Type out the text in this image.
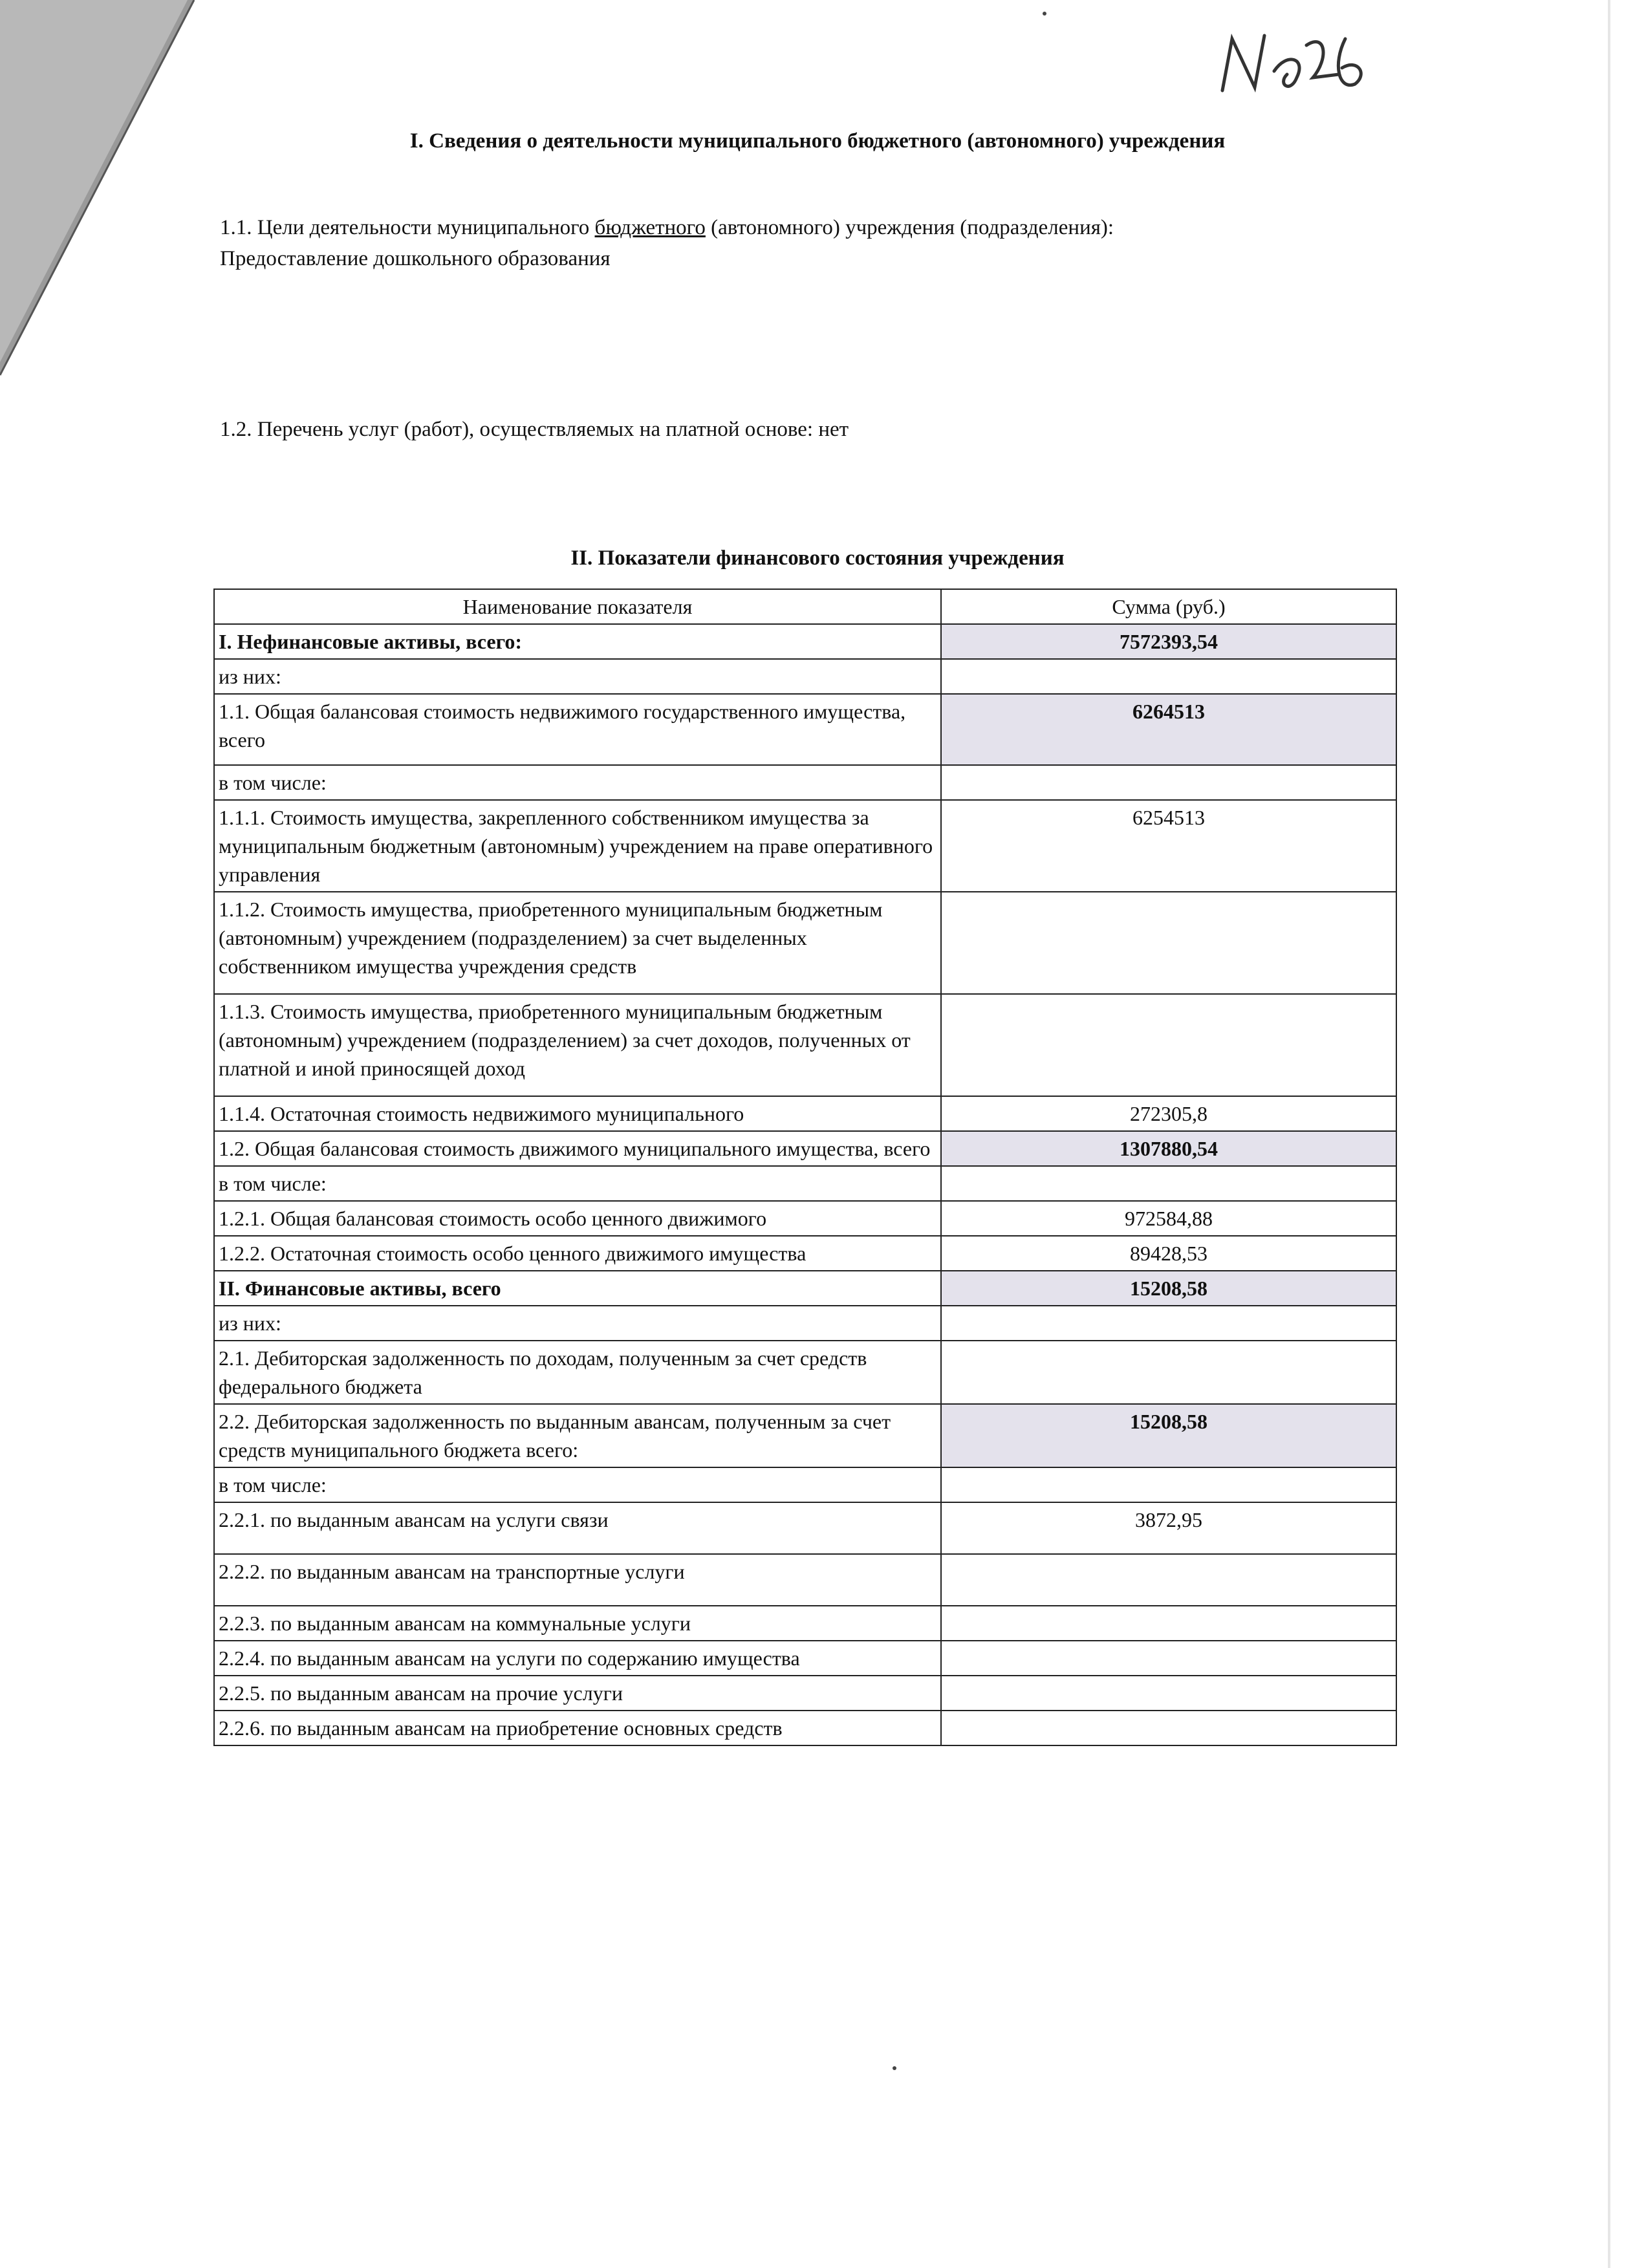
I. Сведения о деятельности муниципального бюджетного (автономного) учреждения
1.1. Цели деятельности муниципального бюджетного (автономного) учреждения (подразделения):
Предоставление дошкольного образования
1.2. Перечень услуг (работ), осуществляемых на платной основе: нет
II. Показатели финансового состояния учреждения
Наименование показателя	Сумма (руб.)
I. Нефинансовые активы, всего:	7572393,54
из них:	
1.1. Общая балансовая стоимость недвижимого государственного имущества, всего	6264513
в том числе:	
1.1.1. Стоимость имущества, закрепленного собственником имущества за муниципальным бюджетным (автономным) учреждением на праве оперативного управления	6254513
1.1.2. Стоимость имущества, приобретенного муниципальным бюджетным (автономным) учреждением (подразделением) за счет выделенных собственником имущества учреждения средств	
1.1.3. Стоимость имущества, приобретенного муниципальным бюджетным (автономным) учреждением (подразделением) за счет доходов, полученных от платной и иной приносящей доход	
1.1.4. Остаточная стоимость недвижимого муниципального	272305,8
1.2. Общая балансовая стоимость движимого муниципального имущества, всего	1307880,54
в том числе:	
1.2.1. Общая балансовая стоимость особо ценного движимого	972584,88
1.2.2. Остаточная стоимость особо ценного движимого имущества	89428,53
II. Финансовые активы, всего	15208,58
из них:	
2.1. Дебиторская задолженность по доходам, полученным за счет средств федерального бюджета	
2.2. Дебиторская задолженность по выданным авансам, полученным за счет средств муниципального бюджета всего:	15208,58
в том числе:	
2.2.1. по выданным авансам на услуги связи	3872,95
2.2.2. по выданным авансам на транспортные услуги	
2.2.3. по выданным авансам на коммунальные услуги	
2.2.4. по выданным авансам на услуги по содержанию имущества	
2.2.5. по выданным авансам на прочие услуги	
2.2.6. по выданным авансам на приобретение основных средств	
